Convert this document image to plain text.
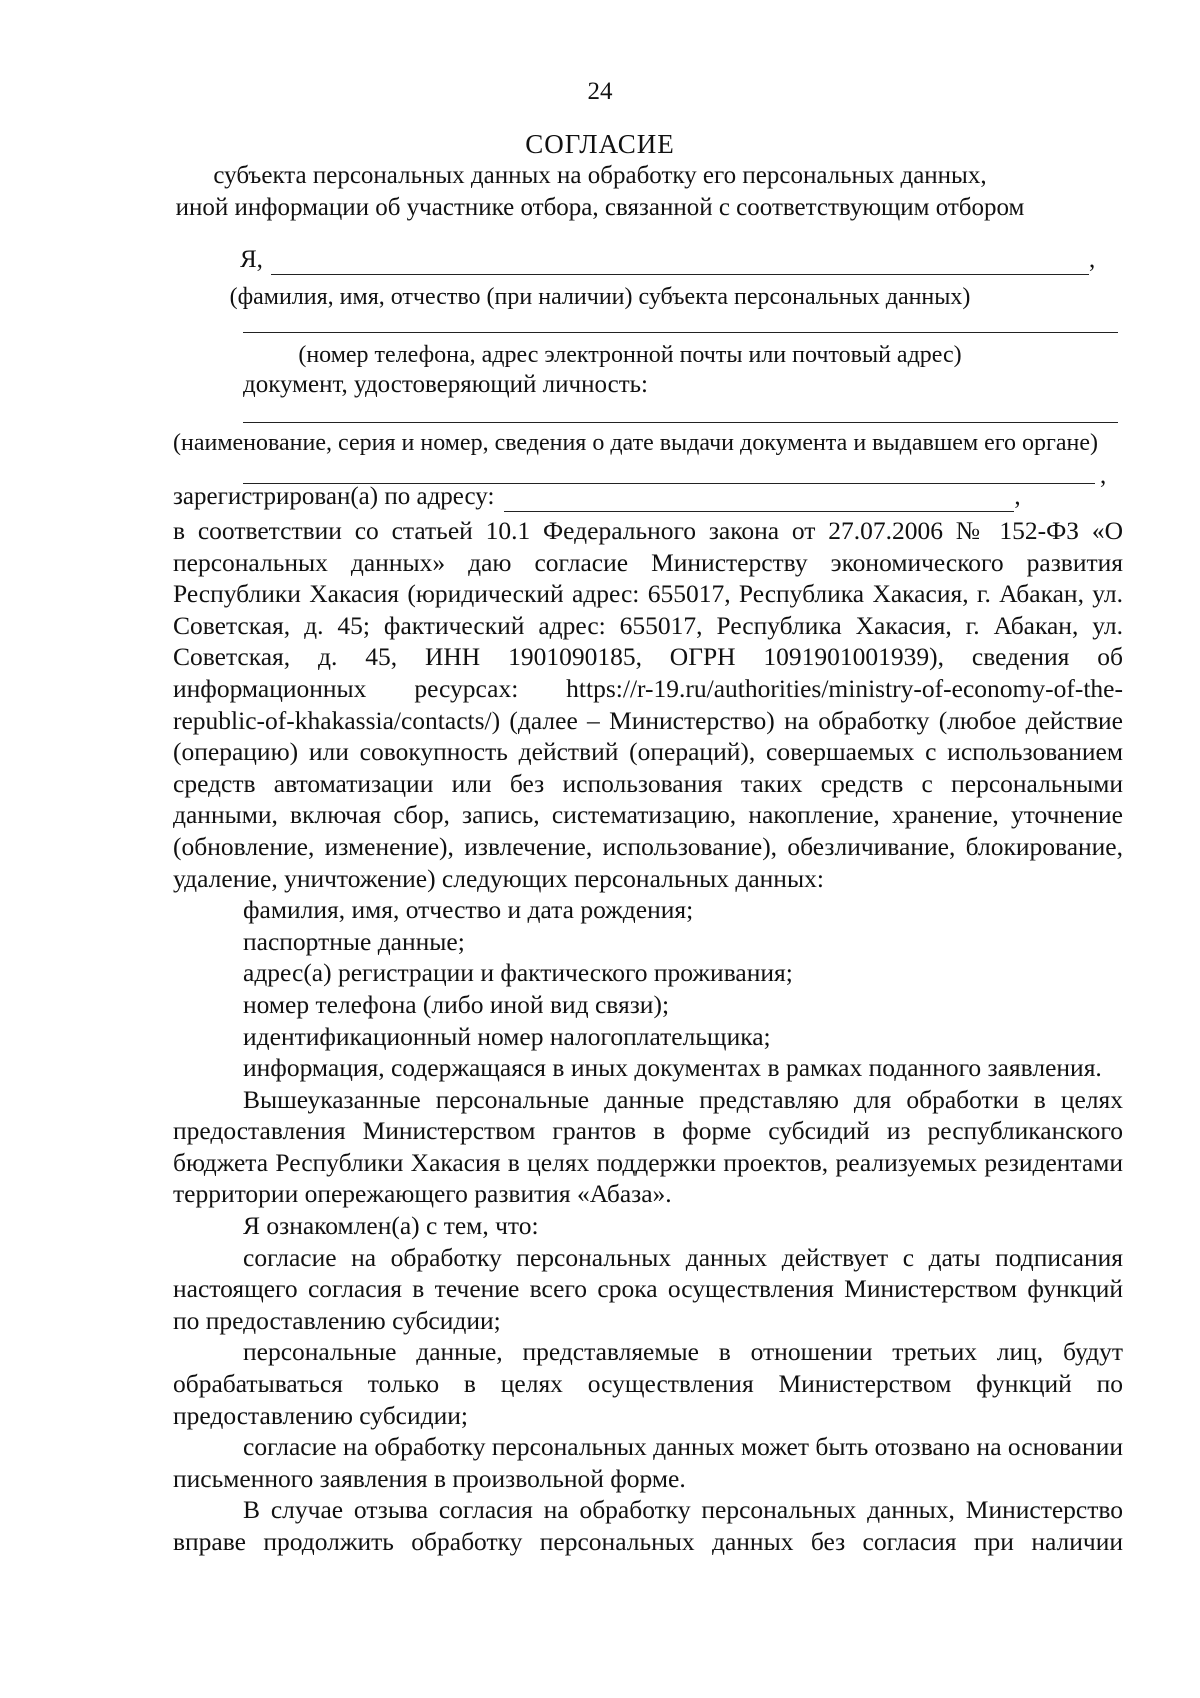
24
СОГЛАСИЕ
субъекта персональных данных на обработку его персональных данных,
иной информации об участнике отбора, связанной с соответствующим отбором
Я,	,
(фамилия, имя, отчество (при наличии) субъекта персональных данных)
(номер телефона, адрес электронной почты или почтовый адрес)
документ, удостоверяющий личность:
(наименование, серия и номер, сведения о дате выдачи документа и выдавшем его органе)
,
зарегистрирован(а) по адресу:	,

в соответствии со статьей 10.1 Федерального закона от 27.07.2006 № 152-ФЗ «О персональных данных» даю согласие Министерству экономического развития Республики Хакасия (юридический адрес: 655017, Республика Хакасия, г. Абакан, ул. Советская, д. 45; фактический адрес: 655017, Республика Хакасия, г. Абакан, ул. Советская, д. 45, ИНН 1901090185, ОГРН 1091901001939), сведения об информационных ресурсах: https://r-19.ru/authorities/ministry-of-economy-of-the-republic-of-khakassia/contacts/) (далее – Министерство) на обработку (любое действие (операцию) или совокупность действий (операций), совершаемых с использованием средств автоматизации или без использования таких средств с персональными данными, включая сбор, запись, систематизацию, накопление, хранение, уточнение (обновление, изменение), извлечение, использование), обезличивание, блокирование, удаление, уничтожение) следующих персональных данных:

фамилия, имя, отчество и дата рождения;

паспортные данные;

адрес(а) регистрации и фактического проживания;

номер телефона (либо иной вид связи);

идентификационный номер налогоплательщика;

информация, содержащаяся в иных документах в рамках поданного заявления.

Вышеуказанные персональные данные представляю для обработки в целях предоставления Министерством грантов в форме субсидий из республиканского бюджета Республики Хакасия в целях поддержки проектов, реализуемых резидентами территории опережающего развития «Абаза».

Я ознакомлен(а) с тем, что:

согласие на обработку персональных данных действует с даты подписания настоящего согласия в течение всего срока осуществления Министерством функций по предоставлению субсидии;

персональные данные, представляемые в отношении третьих лиц, будут обрабатываться только в целях осуществления Министерством функций по предоставлению субсидии;

согласие на обработку персональных данных может быть отозвано на основании письменного заявления в произвольной форме.

В случае отзыва согласия на обработку персональных данных, Министерство вправе продолжить обработку персональных данных без согласия при наличии
